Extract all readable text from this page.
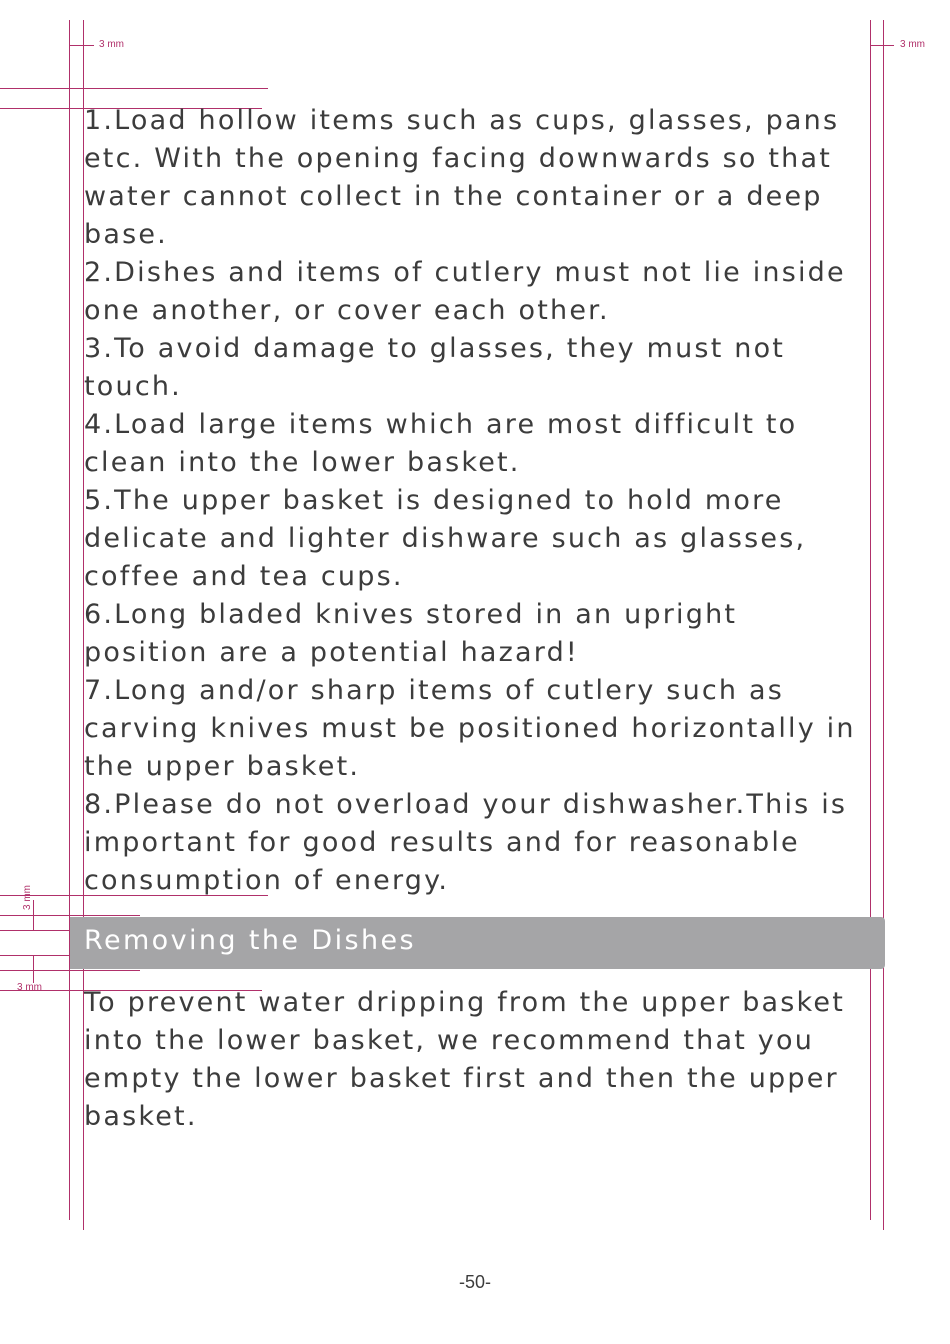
3 mm	3 mm
3 mm
3 mm
1.Load hollow items such as cups, glasses, pans
etc. With the opening facing downwards so that
water cannot collect in the container or a deep
base.
2.Dishes and items of cutlery must not lie inside
one another, or cover each other.
3.To avoid damage to glasses, they must not
touch.
4.Load large items which are most difficult to
clean into the lower basket.
5.The upper basket is designed to hold more
delicate and lighter dishware such as glasses,
coffee and tea cups.
6.Long bladed knives stored in an upright
position are a potential hazard!
7.Long and/or sharp items of cutlery such as
carving knives must be positioned horizontally in
the upper basket.
8.Please do not overload your dishwasher.This is
important for good results and for reasonable
consumption of energy.
Removing the Dishes
To prevent water dripping from the upper basket
into the lower basket, we recommend that you
empty the lower basket first and then the upper
basket.
-50-
